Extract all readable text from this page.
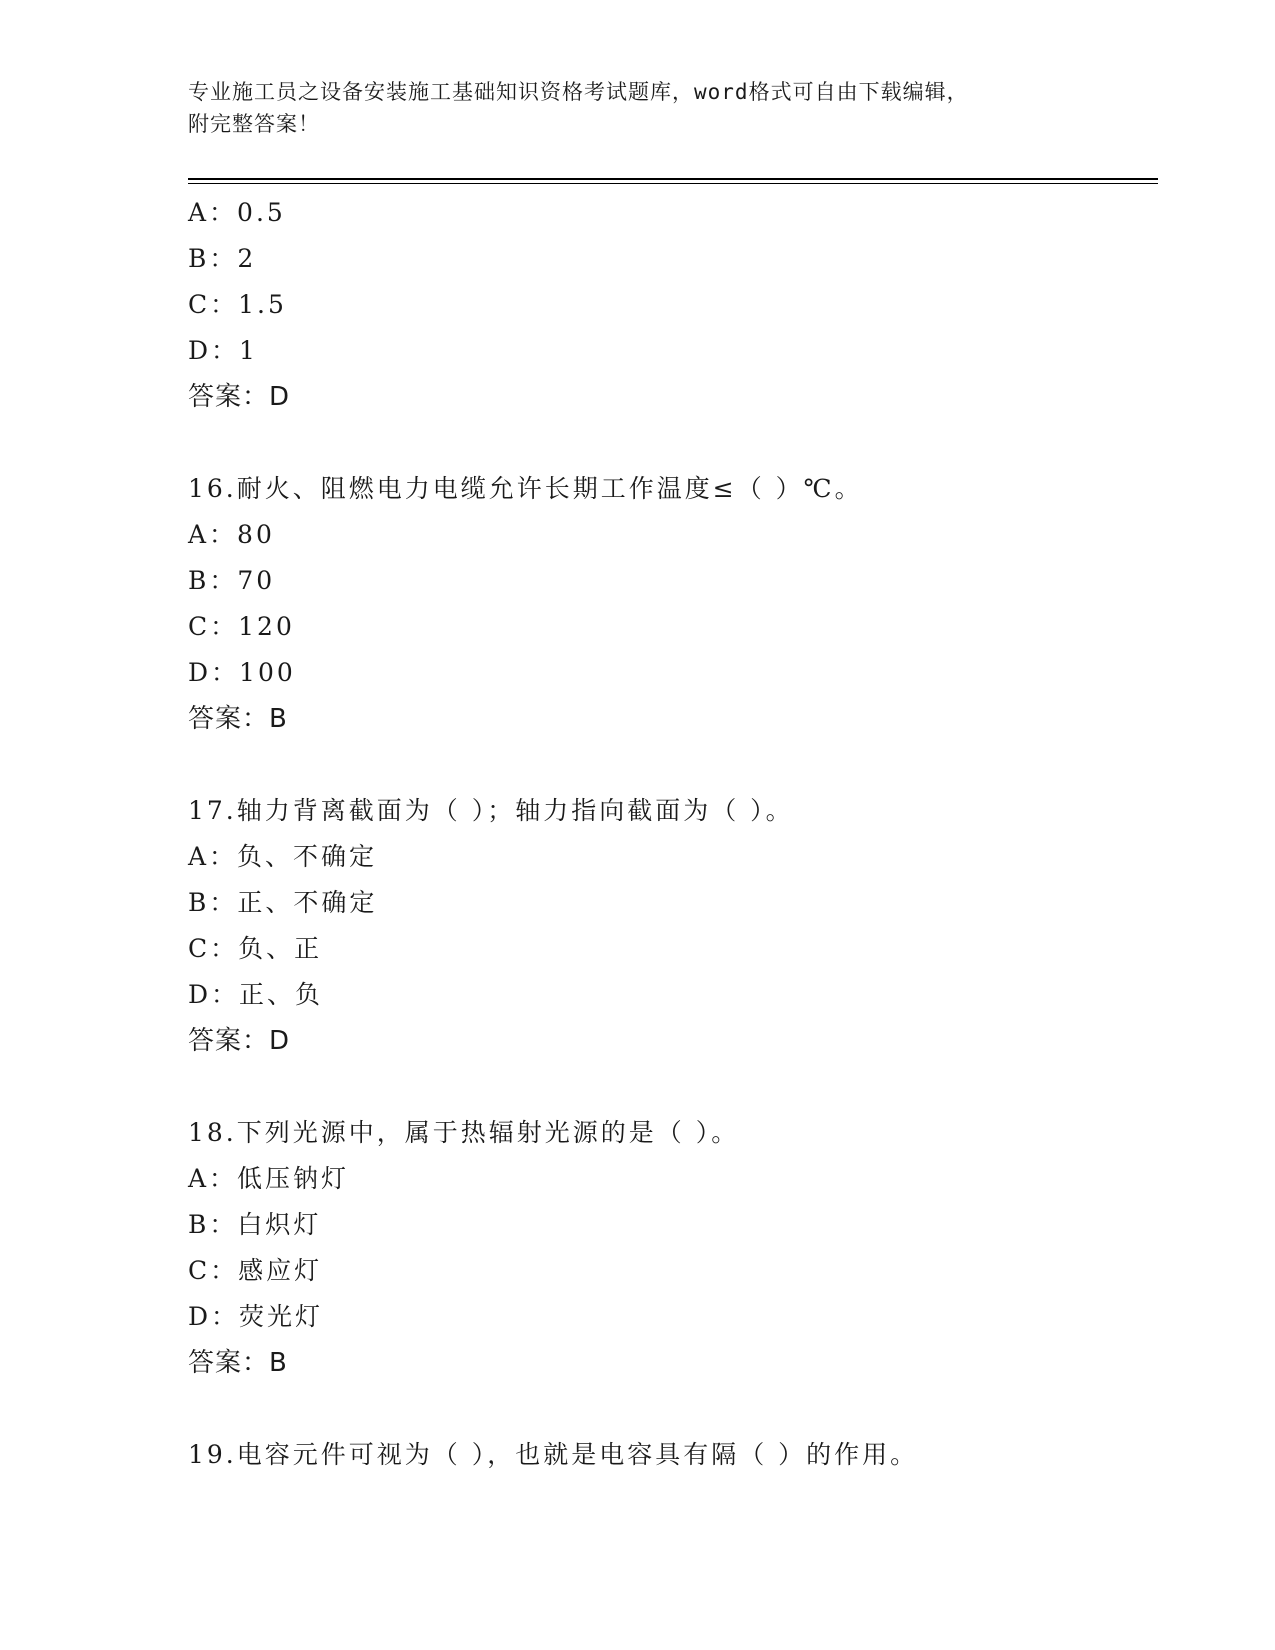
专业施工员之设备安装施工基础知识资格考试题库，word格式可自由下载编辑，
附完整答案！
A：0.5
B：2
C：1.5
D：1
答案：D
16.耐火、阻燃电力电缆允许长期工作温度≤（ ）℃。
A：80
B：70
C：120
D：100
答案：B
17.轴力背离截面为（ ）；轴力指向截面为（ ）。
A：负、不确定
B：正、不确定
C：负、正
D：正、负
答案：D
18.下列光源中，属于热辐射光源的是（ ）。
A：低压钠灯
B：白炽灯
C：感应灯
D：荧光灯
答案：B
19.电容元件可视为（ ），也就是电容具有隔（ ）的作用。
